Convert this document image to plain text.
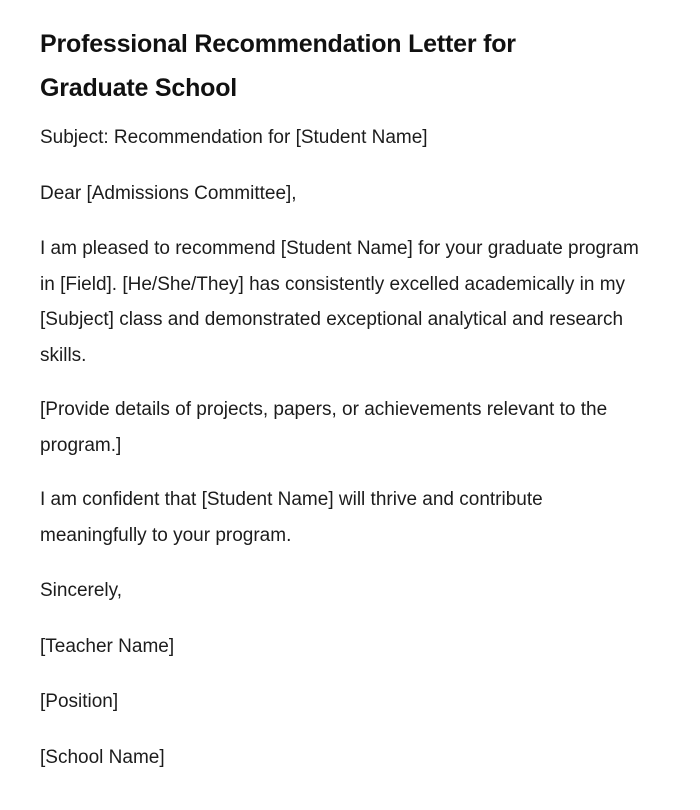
Professional Recommendation Letter for Graduate School

Subject: Recommendation for [Student Name]

Dear [Admissions Committee],

I am pleased to recommend [Student Name] for your graduate program in [Field]. [He/She/They] has consistently excelled academically in my [Subject] class and demonstrated exceptional analytical and research skills.

[Provide details of projects, papers, or achievements relevant to the program.]

I am confident that [Student Name] will thrive and contribute meaningfully to your program.

Sincerely,

[Teacher Name]

[Position]

[School Name]
